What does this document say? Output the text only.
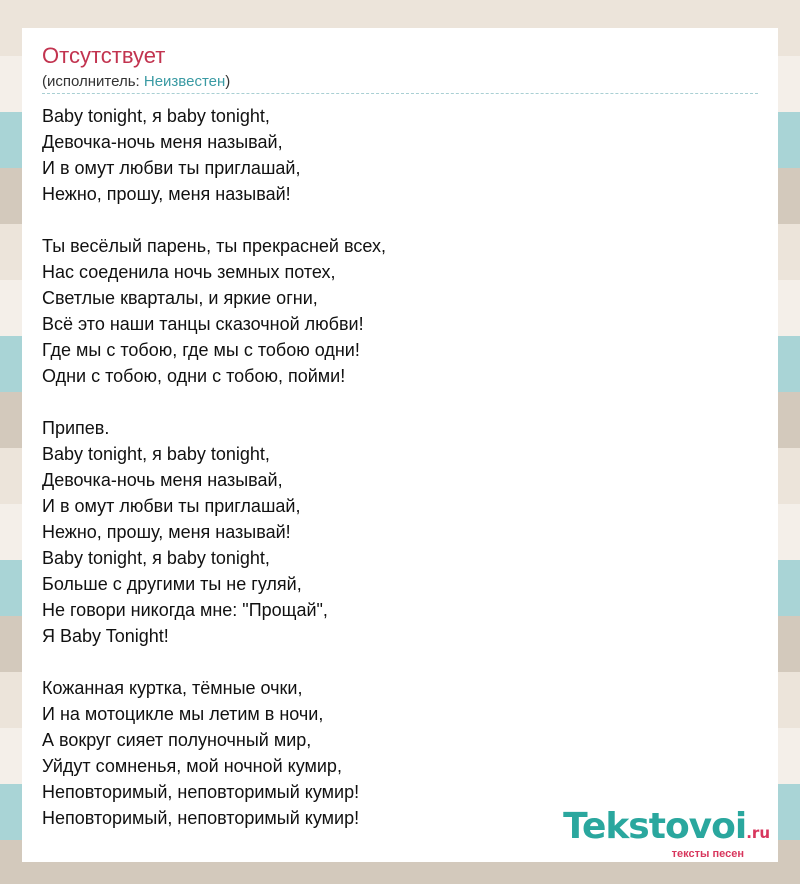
Отсутствует
(исполнитель: Неизвестен)
Baby tonight, я baby tonight,
Девочка-ночь меня называй,
И в омут любви ты приглашай,
Нежно, прошу, меня называй!
Ты весёлый парень, ты прекрасней всех,
Нас соеденила ночь земных потех,
Светлые кварталы, и яркие огни,
Всё это наши танцы сказочной любви!
Где мы с тобою, где мы с тобою одни!
Одни с тобою, одни с тобою, пойми!
Припев.
Baby tonight, я baby tonight,
Девочка-ночь меня называй,
И в омут любви ты приглашай,
Нежно, прошу, меня называй!
Baby tonight, я baby tonight,
Больше с другими ты не гуляй,
Не говори никогда мне: "Прощай",
Я Baby Tonight!
Кожанная куртка, тёмные очки,
И на мотоцикле мы летим в ночи,
А вокруг сияет полуночный мир,
Уйдут сомненья, мой ночной кумир,
Неповторимый, неповторимый кумир!
Неповторимый, неповторимый кумир!	Tekstovoi.ru
тексты песен
